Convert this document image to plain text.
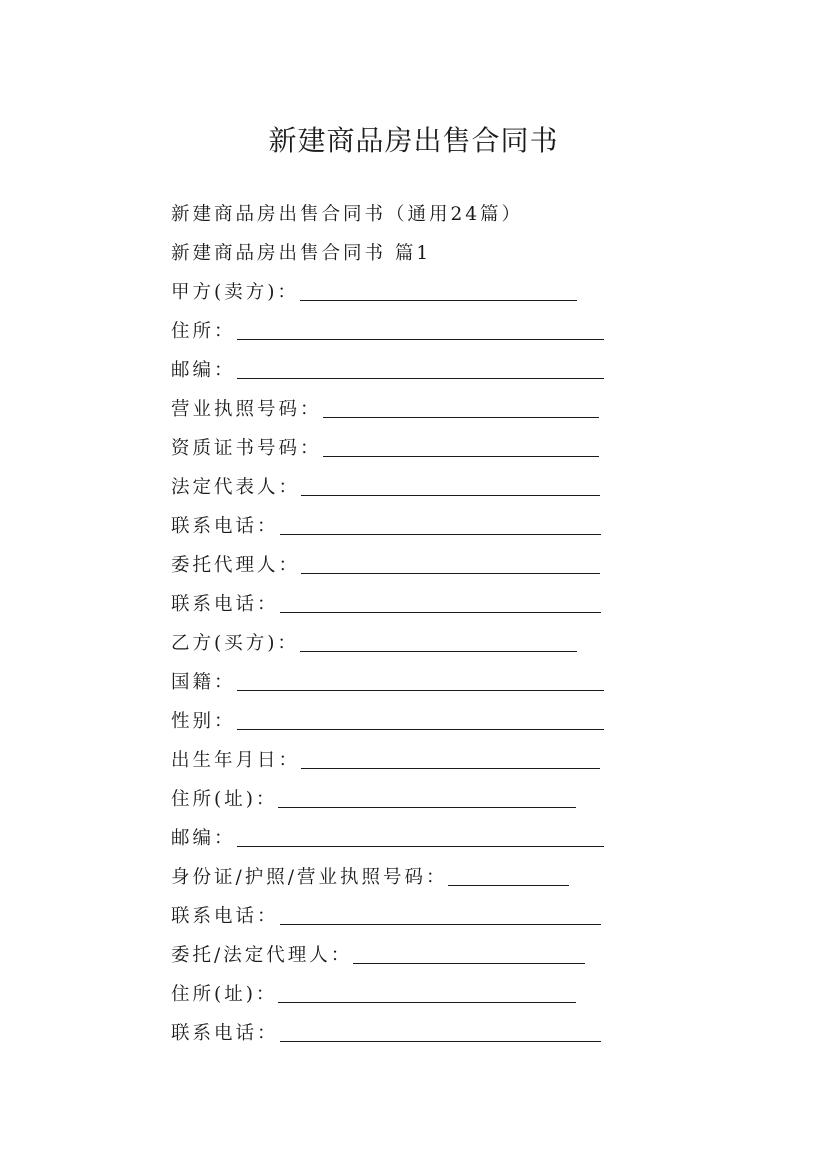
新建商品房出售合同书
新建商品房出售合同书（通用24篇）
新建商品房出售合同书 篇1
甲方(卖方)：
住所：
邮编：
营业执照号码：
资质证书号码：
法定代表人：
联系电话：
委托代理人：
联系电话：
乙方(买方)：
国籍：
性别：
出生年月日：
住所(址)：
邮编：
身份证/护照/营业执照号码：
联系电话：
委托/法定代理人：
住所(址)：
联系电话：
